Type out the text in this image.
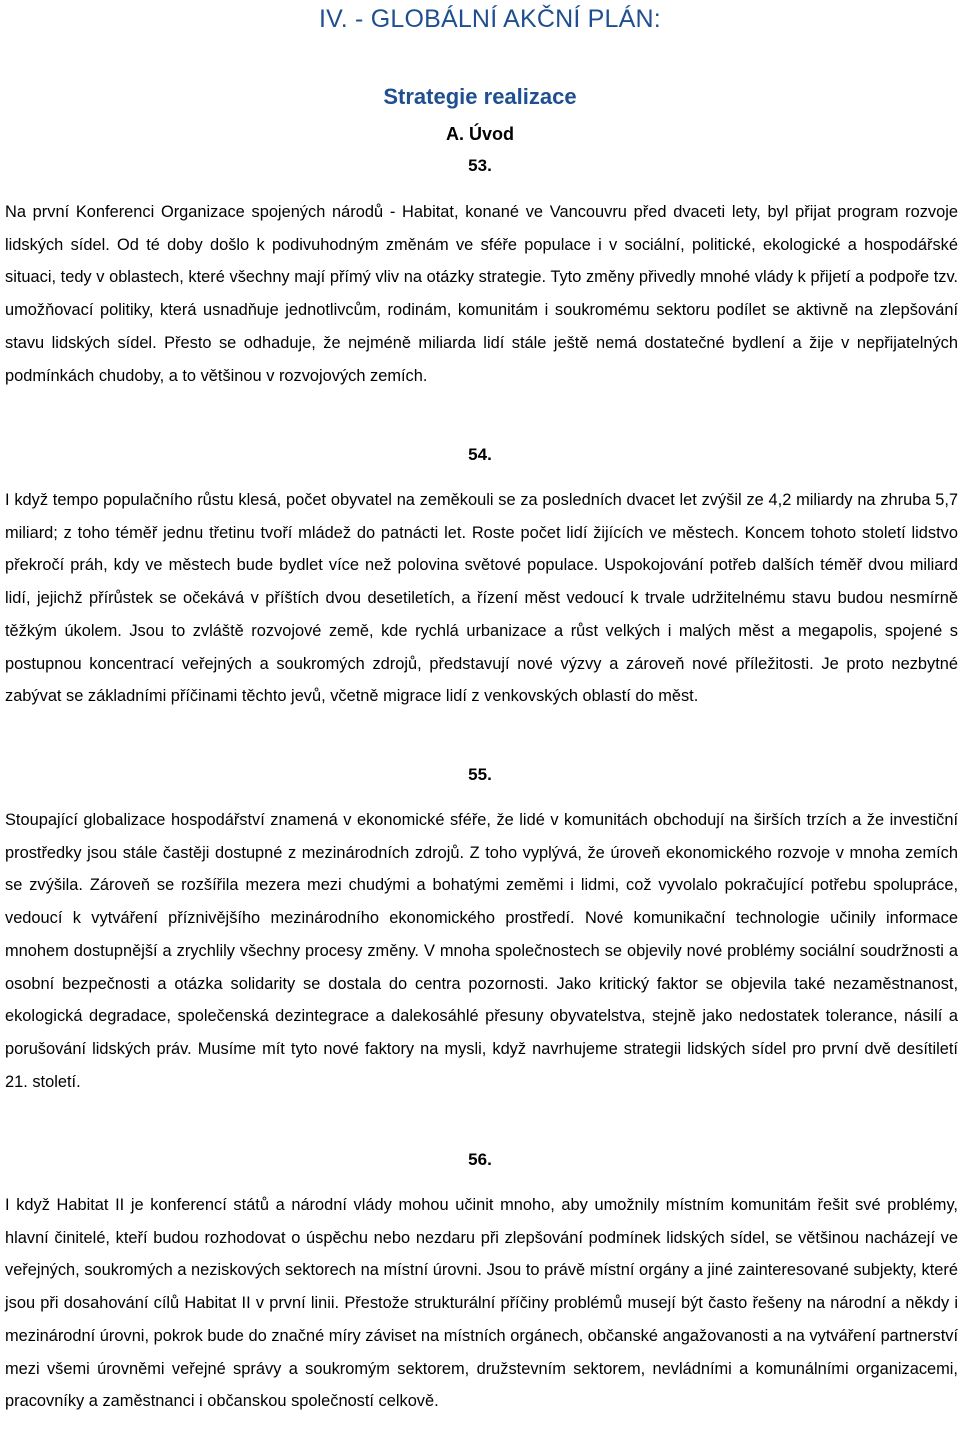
IV. - GLOBÁLNÍ AKČNÍ PLÁN:
Strategie realizace
A. Úvod
53.

Na první Konferenci Organizace spojených národů - Habitat, konané ve Vancouvru před dvaceti lety, byl přijat program rozvoje lidských sídel. Od té doby došlo k podivuhodným změnám ve sféře populace i v sociální, politické, ekologické a hospodářské situaci, tedy v oblastech, které všechny mají přímý vliv na otázky strategie. Tyto změny přivedly mnohé vlády k přijetí a podpoře tzv. umožňovací politiky, která usnadňuje jednotlivcům, rodinám, komunitám i soukromému sektoru podílet se aktivně na zlepšování stavu lidských sídel. Přesto se odhaduje, že nejméně miliarda lidí stále ještě nemá dostatečné bydlení a žije v nepřijatelných podmínkách chudoby, a to většinou v rozvojových zemích.

54.

I když tempo populačního růstu klesá, počet obyvatel na zeměkouli se za posledních dvacet let zvýšil ze 4,2 miliardy na zhruba 5,7 miliard; z toho téměř jednu třetinu tvoří mládež do patnácti let. Roste počet lidí žijících ve městech. Koncem tohoto století lidstvo překročí práh, kdy ve městech bude bydlet více než polovina světové populace. Uspokojování potřeb dalších téměř dvou miliard lidí, jejichž přírůstek se očekává v příštích dvou desetiletích, a řízení měst vedoucí k trvale udržitelnému stavu budou nesmírně těžkým úkolem. Jsou to zvláště rozvojové země, kde rychlá urbanizace a růst velkých i malých měst a megapolis, spojené s postupnou koncentrací veřejných a soukromých zdrojů, představují nové výzvy a zároveň nové příležitosti. Je proto nezbytné zabývat se základními příčinami těchto jevů, včetně migrace lidí z venkovských oblastí do měst.

55.

Stoupající globalizace hospodářství znamená v ekonomické sféře, že lidé v komunitách obchodují na širších trzích a že investiční prostředky jsou stále častěji dostupné z mezinárodních zdrojů. Z toho vyplývá, že úroveň ekonomického rozvoje v mnoha zemích se zvýšila. Zároveň se rozšířila mezera mezi chudými a bohatými zeměmi i lidmi, což vyvolalo pokračující potřebu spolupráce, vedoucí k vytváření příznivějšího mezinárodního ekonomického prostředí. Nové komunikační technologie učinily informace mnohem dostupnější a zrychlily všechny procesy změny. V mnoha společnostech se objevily nové problémy sociální soudržnosti a osobní bezpečnosti a otázka solidarity se dostala do centra pozornosti. Jako kritický faktor se objevila také nezaměstnanost, ekologická degradace, společenská dezintegrace a dalekosáhlé přesuny obyvatelstva, stejně jako nedostatek tolerance, násilí a porušování lidských práv. Musíme mít tyto nové faktory na mysli, když navrhujeme strategii lidských sídel pro první dvě desítiletí 21. století.

56.

I když Habitat II je konferencí států a národní vlády mohou učinit mnoho, aby umožnily místním komunitám řešit své problémy, hlavní činitelé, kteří budou rozhodovat o úspěchu nebo nezdaru při zlepšování podmínek lidských sídel, se většinou nacházejí ve veřejných, soukromých a neziskových sektorech na místní úrovni. Jsou to právě místní orgány a jiné zainteresované subjekty, které jsou při dosahování cílů Habitat II v první linii. Přestože strukturální příčiny problémů musejí být často řešeny na národní a někdy i mezinárodní úrovni, pokrok bude do značné míry záviset na místních orgánech, občanské angažovanosti a na vytváření partnerství mezi všemi úrovněmi veřejné správy a soukromým sektorem, družstevním sektorem, nevládními a komunálními organizacemi, pracovníky a zaměstnanci i občanskou společností celkově.
